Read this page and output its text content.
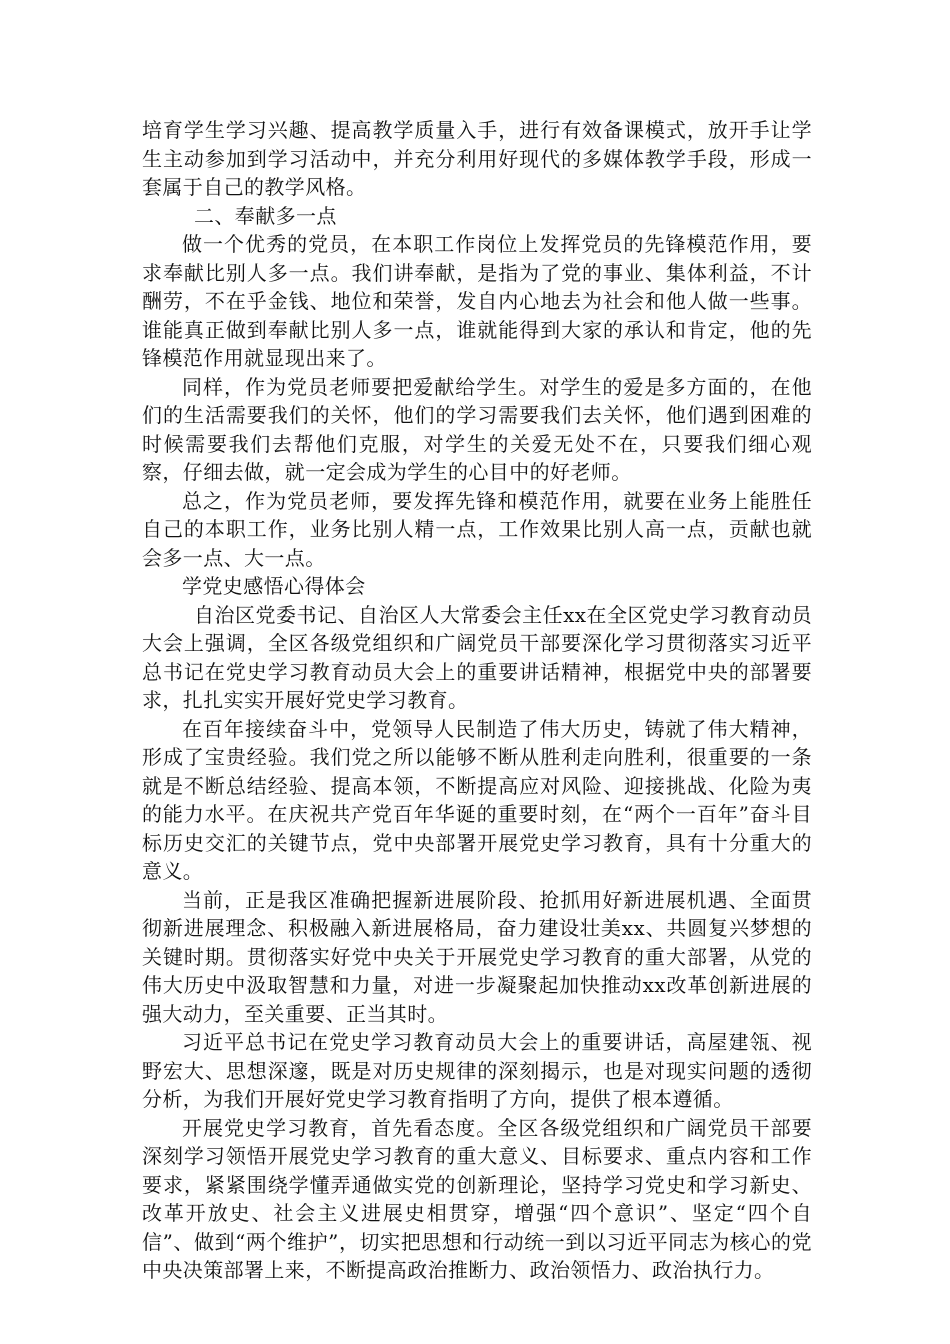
培育学生学习兴趣、提高教学质量入手，进行有效备课模式，放开手让学生主动参加到学习活动中，并充分利用好现代的多媒体教学手段，形成一套属于自己的教学风格。

二、奉献多一点

做一个优秀的党员，在本职工作岗位上发挥党员的先锋模范作用，要求奉献比别人多一点。我们讲奉献，是指为了党的事业、集体利益，不计酬劳，不在乎金钱、地位和荣誉，发自内心地去为社会和他人做一些事。谁能真正做到奉献比别人多一点，谁就能得到大家的承认和肯定，他的先锋模范作用就显现出来了。

同样，作为党员老师要把爱献给学生。对学生的爱是多方面的，在他们的生活需要我们的关怀，他们的学习需要我们去关怀，他们遇到困难的时候需要我们去帮他们克服，对学生的关爱无处不在，只要我们细心观察，仔细去做，就一定会成为学生的心目中的好老师。

总之，作为党员老师，要发挥先锋和模范作用，就要在业务上能胜任自己的本职工作，业务比别人精一点，工作效果比别人高一点，贡献也就会多一点、大一点。

学党史感悟心得体会

自治区党委书记、自治区人大常委会主任xx在全区党史学习教育动员大会上强调，全区各级党组织和广阔党员干部要深化学习贯彻落实习近平总书记在党史学习教育动员大会上的重要讲话精神，根据党中央的部署要求，扎扎实实开展好党史学习教育。

在百年接续奋斗中，党领导人民制造了伟大历史，铸就了伟大精神，形成了宝贵经验。我们党之所以能够不断从胜利走向胜利，很重要的一条就是不断总结经验、提高本领，不断提高应对风险、迎接挑战、化险为夷的能力水平。在庆祝共产党百年华诞的重要时刻，在“两个一百年”奋斗目标历史交汇的关键节点，党中央部署开展党史学习教育，具有十分重大的意义。

当前，正是我区准确把握新进展阶段、抢抓用好新进展机遇、全面贯彻新进展理念、积极融入新进展格局，奋力建设壮美xx、共圆复兴梦想的关键时期。贯彻落实好党中央关于开展党史学习教育的重大部署，从党的伟大历史中汲取智慧和力量，对进一步凝聚起加快推动xx改革创新进展的强大动力，至关重要、正当其时。

习近平总书记在党史学习教育动员大会上的重要讲话，高屋建瓴、视野宏大、思想深邃，既是对历史规律的深刻揭示，也是对现实问题的透彻分析，为我们开展好党史学习教育指明了方向，提供了根本遵循。

开展党史学习教育，首先看态度。全区各级党组织和广阔党员干部要深刻学习领悟开展党史学习教育的重大意义、目标要求、重点内容和工作要求，紧紧围绕学懂弄通做实党的创新理论，坚持学习党史和学习新史、改革开放史、社会主义进展史相贯穿，增强“四个意识”、坚定“四个自信”、做到“两个维护”，切实把思想和行动统一到以习近平同志为核心的党中央决策部署上来，不断提高政治推断力、政治领悟力、政治执行力。
